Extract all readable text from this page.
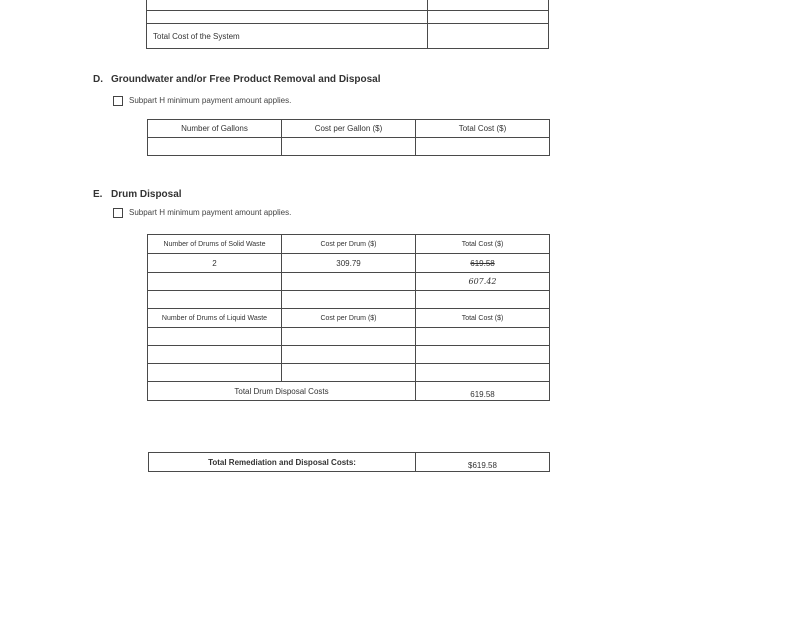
Total Cost of the System	
D. Groundwater and/or Free Product Removal and Disposal
Subpart H minimum payment amount applies.
Number of Gallons	Cost per Gallon ($)	Total Cost ($)

E. Drum Disposal
Subpart H minimum payment amount applies.
Number of Drums of Solid Waste	Cost per Drum ($)	Total Cost ($)
2	309.79	619.58
		607.42

Number of Drums of Liquid Waste	Cost per Drum ($)	Total Cost ($)

Total Drum Disposal Costs		619.58
Total Remediation and Disposal Costs:	$619.58
